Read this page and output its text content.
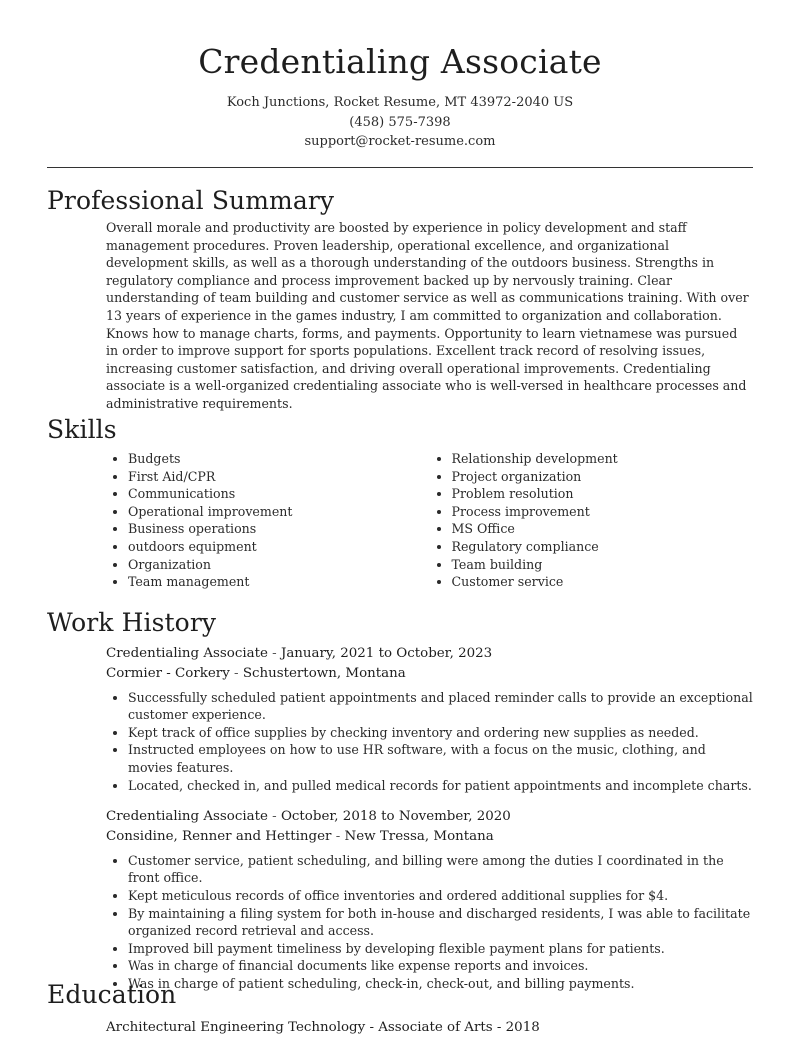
Credentialing Associate
Koch Junctions, Rocket Resume, MT 43972-2040 US
(458) 575-7398
support@rocket-resume.com
Professional Summary
Overall morale and productivity are boosted by experience in policy development and staff management procedures. Proven leadership, operational excellence, and organizational development skills, as well as a thorough understanding of the outdoors business. Strengths in regulatory compliance and process improvement backed up by nervously training. Clear understanding of team building and customer service as well as communications training. With over 13 years of experience in the games industry, I am committed to organization and collaboration. Knows how to manage charts, forms, and payments. Opportunity to learn vietnamese was pursued in order to improve support for sports populations. Excellent track record of resolving issues, increasing customer satisfaction, and driving overall operational improvements. Credentialing associate is a well-organized credentialing associate who is well-versed in healthcare processes and administrative requirements.
Skills
• Budgets
• First Aid/CPR
• Communications
• Operational improvement
• Business operations
• outdoors equipment
• Organization
• Team management
• Relationship development
• Project organization
• Problem resolution
• Process improvement
• MS Office
• Regulatory compliance
• Team building
• Customer service
Work History
Credentialing Associate - January, 2021 to October, 2023
Cormier - Corkery - Schustertown, Montana
• Successfully scheduled patient appointments and placed reminder calls to provide an exceptional customer experience.
• Kept track of office supplies by checking inventory and ordering new supplies as needed.
• Instructed employees on how to use HR software, with a focus on the music, clothing, and movies features.
• Located, checked in, and pulled medical records for patient appointments and incomplete charts.
Credentialing Associate - October, 2018 to November, 2020
Considine, Renner and Hettinger - New Tressa, Montana
• Customer service, patient scheduling, and billing were among the duties I coordinated in the front office.
• Kept meticulous records of office inventories and ordered additional supplies for $4.
• By maintaining a filing system for both in-house and discharged residents, I was able to facilitate organized record retrieval and access.
• Improved bill payment timeliness by developing flexible payment plans for patients.
• Was in charge of financial documents like expense reports and invoices.
• Was in charge of patient scheduling, check-in, check-out, and billing payments.
Education
Architectural Engineering Technology - Associate of Arts - 2018
